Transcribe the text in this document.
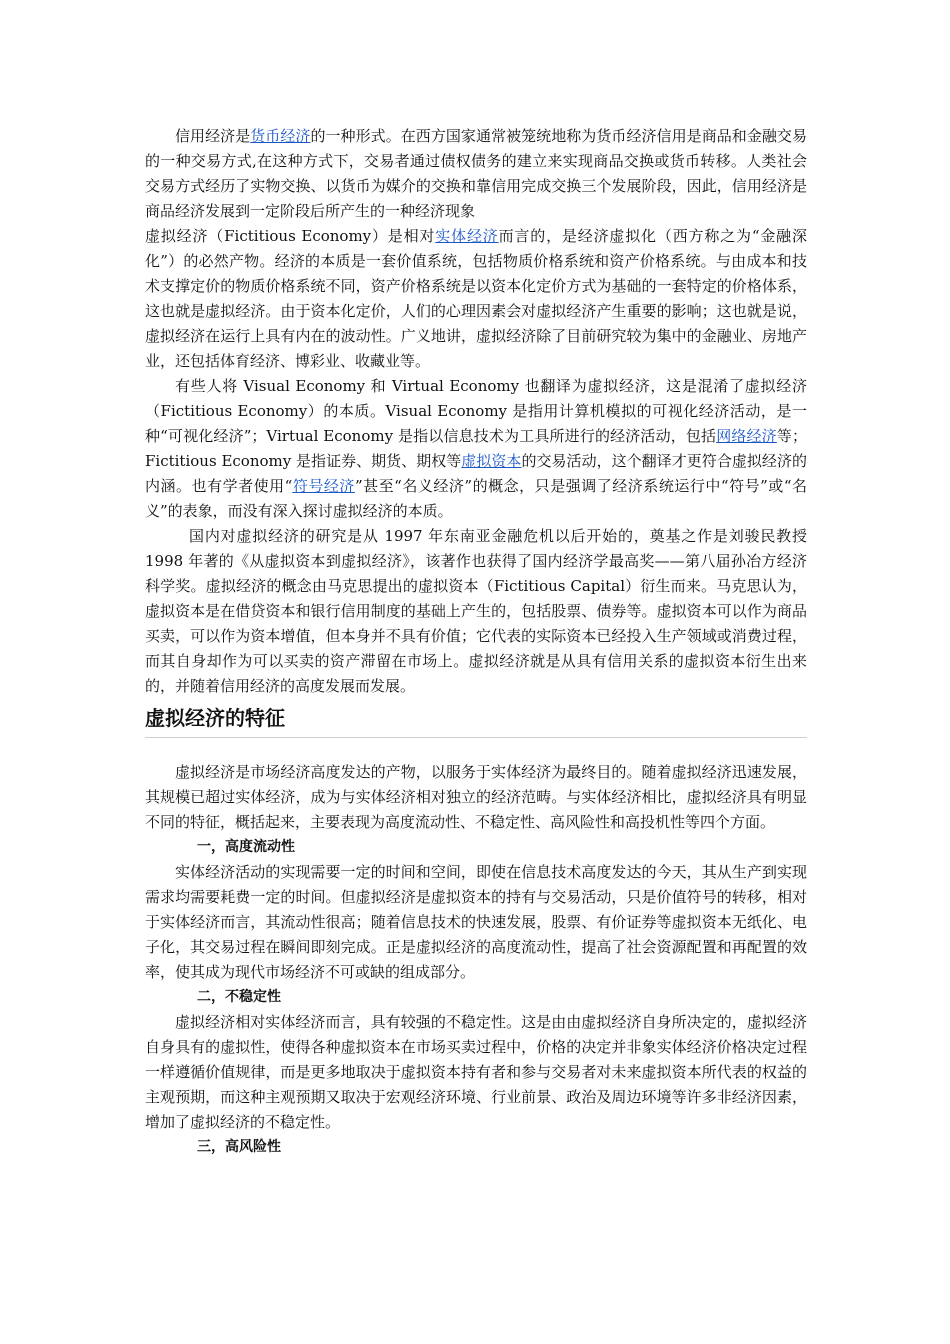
信用经济是货币经济的一种形式。在西方国家通常被笼统地称为货币经济信用是商品和金融交易的一种交易方式,在这种方式下，交易者通过债权债务的建立来实现商品交换或货币转移。人类社会交易方式经历了实物交换、以货币为媒介的交换和靠信用完成交换三个发展阶段，因此，信用经济是商品经济发展到一定阶段后所产生的一种经济现象

虚拟经济（Fictitious Economy）是相对实体经济而言的，是经济虚拟化（西方称之为“金融深化”）的必然产物。经济的本质是一套价值系统，包括物质价格系统和资产价格系统。与由成本和技术支撑定价的物质价格系统不同，资产价格系统是以资本化定价方式为基础的一套特定的价格体系，这也就是虚拟经济。由于资本化定价，人们的心理因素会对虚拟经济产生重要的影响；这也就是说，虚拟经济在运行上具有内在的波动性。广义地讲，虚拟经济除了目前研究较为集中的金融业、房地产业，还包括体育经济、博彩业、收藏业等。

有些人将 Visual Economy 和 Virtual Economy 也翻译为虚拟经济，这是混淆了虚拟经济（Fictitious Economy）的本质。Visual Economy 是指用计算机模拟的可视化经济活动，是一种“可视化经济”；Virtual Economy 是指以信息技术为工具所进行的经济活动，包括网络经济等；Fictitious Economy 是指证券、期货、期权等虚拟资本的交易活动，这个翻译才更符合虚拟经济的内涵。也有学者使用“符号经济”甚至“名义经济”的概念，只是强调了经济系统运行中“符号”或“名义”的表象，而没有深入探讨虚拟经济的本质。

国内对虚拟经济的研究是从 1997 年东南亚金融危机以后开始的，奠基之作是刘骏民教授 1998 年著的《从虚拟资本到虚拟经济》，该著作也获得了国内经济学最高奖——第八届孙冶方经济科学奖。虚拟经济的概念由马克思提出的虚拟资本（Fictitious Capital）衍生而来。马克思认为，虚拟资本是在借贷资本和银行信用制度的基础上产生的，包括股票、债券等。虚拟资本可以作为商品买卖，可以作为资本增值，但本身并不具有价值；它代表的实际资本已经投入生产领域或消费过程，而其自身却作为可以买卖的资产滞留在市场上。虚拟经济就是从具有信用关系的虚拟资本衍生出来的，并随着信用经济的高度发展而发展。

虚拟经济的特征

虚拟经济是市场经济高度发达的产物，以服务于实体经济为最终目的。随着虚拟经济迅速发展，其规模已超过实体经济，成为与实体经济相对独立的经济范畴。与实体经济相比，虚拟经济具有明显不同的特征，概括起来，主要表现为高度流动性、不稳定性、高风险性和高投机性等四个方面。

一，高度流动性

实体经济活动的实现需要一定的时间和空间，即使在信息技术高度发达的今天，其从生产到实现需求均需要耗费一定的时间。但虚拟经济是虚拟资本的持有与交易活动，只是价值符号的转移，相对于实体经济而言，其流动性很高；随着信息技术的快速发展，股票、有价证券等虚拟资本无纸化、电子化，其交易过程在瞬间即刻完成。正是虚拟经济的高度流动性，提高了社会资源配置和再配置的效率，使其成为现代市场经济不可或缺的组成部分。

二，不稳定性

虚拟经济相对实体经济而言，具有较强的不稳定性。这是由由虚拟经济自身所决定的，虚拟经济自身具有的虚拟性，使得各种虚拟资本在市场买卖过程中，价格的决定并非象实体经济价格决定过程一样遵循价值规律，而是更多地取决于虚拟资本持有者和参与交易者对未来虚拟资本所代表的权益的主观预期，而这种主观预期又取决于宏观经济环境、行业前景、政治及周边环境等许多非经济因素，增加了虚拟经济的不稳定性。

三，高风险性
